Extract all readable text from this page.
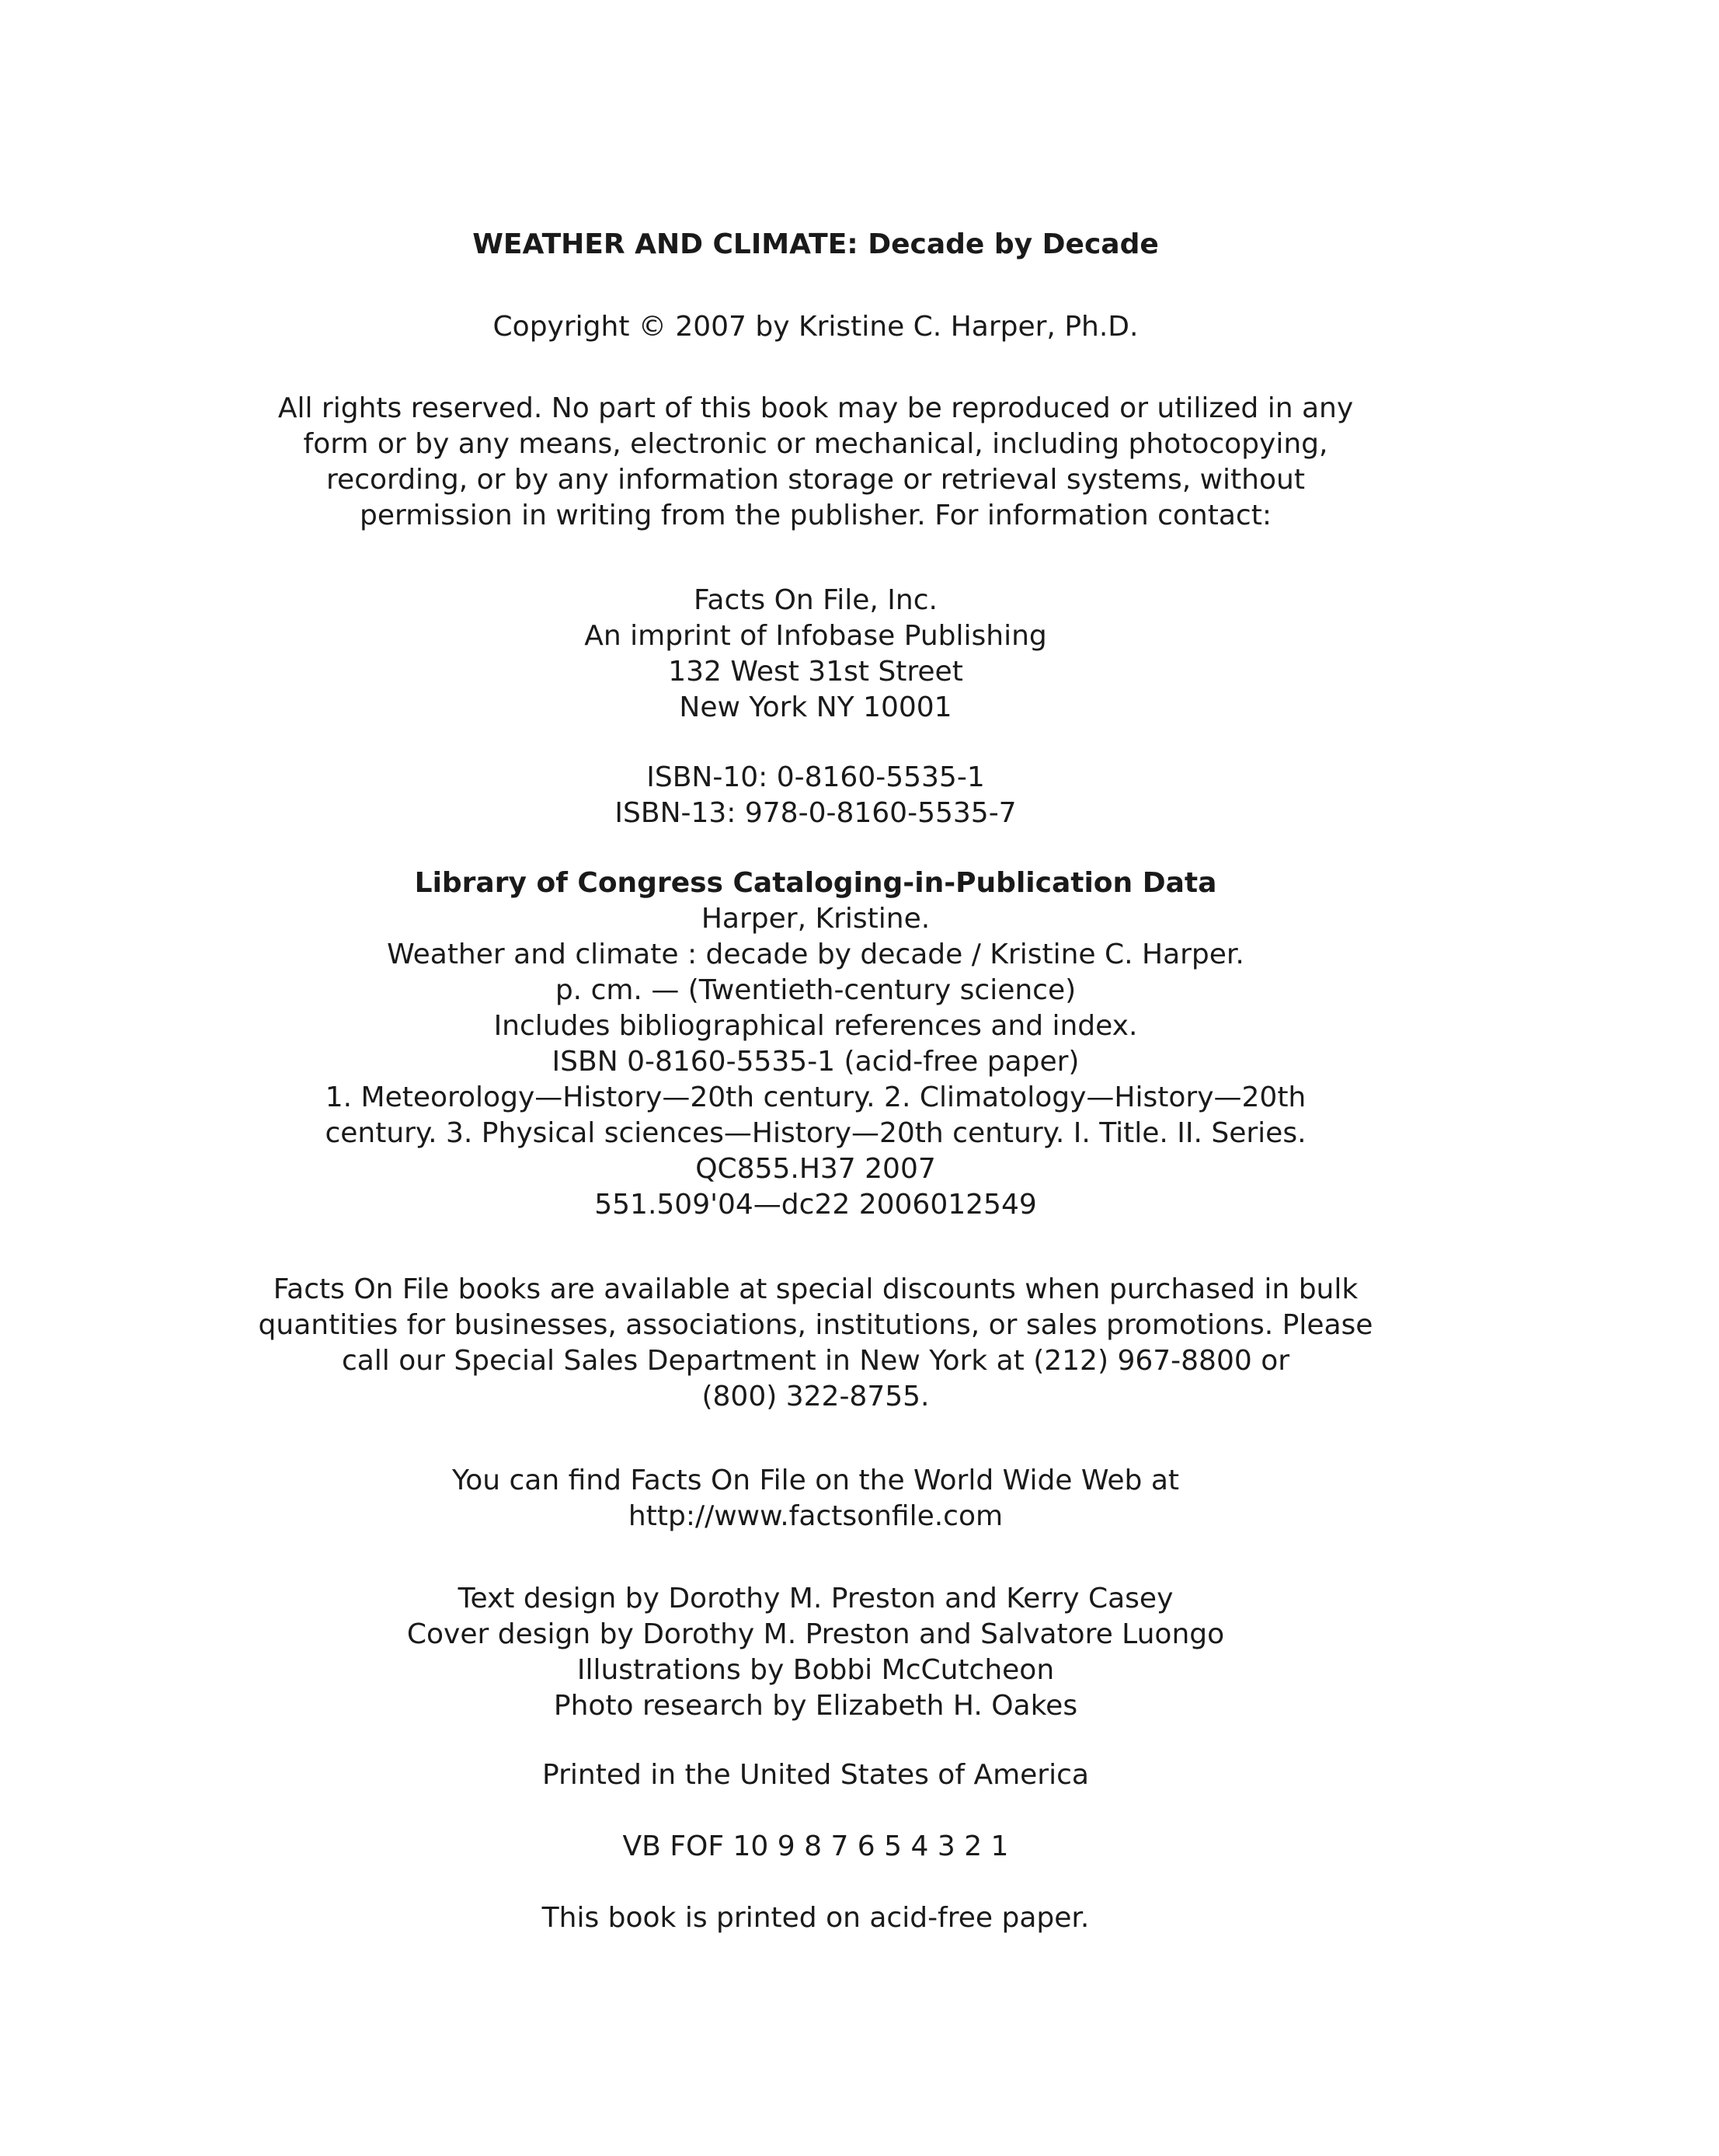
WEATHER AND CLIMATE: Decade by Decade
Copyright © 2007 by Kristine C. Harper, Ph.D.
All rights reserved. No part of this book may be reproduced or utilized in any
form or by any means, electronic or mechanical, including photocopying,
recording, or by any information storage or retrieval systems, without
permission in writing from the publisher. For information contact:
Facts On File, Inc.
An imprint of Infobase Publishing
132 West 31st Street
New York NY 10001
ISBN-10: 0-8160-5535-1
ISBN-13: 978-0-8160-5535-7
Library of Congress Cataloging-in-Publication Data
Harper, Kristine.
Weather and climate : decade by decade / Kristine C. Harper.
p. cm. — (Twentieth-century science)
Includes bibliographical references and index.
ISBN 0-8160-5535-1 (acid-free paper)
1. Meteorology—History—20th century. 2. Climatology—History—20th
century. 3. Physical sciences—History—20th century. I. Title. II. Series.
QC855.H37 2007
551.509'04—dc22 2006012549
Facts On File books are available at special discounts when purchased in bulk
quantities for businesses, associations, institutions, or sales promotions. Please
call our Special Sales Department in New York at (212) 967-8800 or
(800) 322-8755.
You can find Facts On File on the World Wide Web at
http://www.factsonfile.com
Text design by Dorothy M. Preston and Kerry Casey
Cover design by Dorothy M. Preston and Salvatore Luongo
Illustrations by Bobbi McCutcheon
Photo research by Elizabeth H. Oakes
Printed in the United States of America
VB FOF 10 9 8 7 6 5 4 3 2 1
This book is printed on acid-free paper.
